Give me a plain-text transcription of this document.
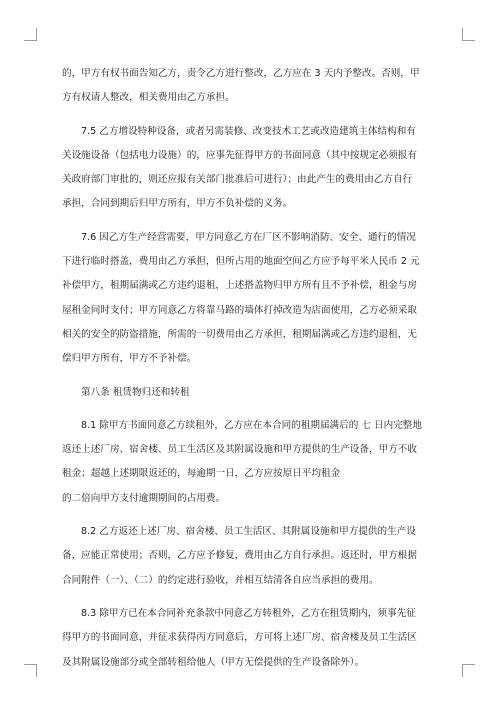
的，甲方有权书面告知乙方，责令乙方进行整改，乙方应在 3 天内予整改。否则，甲
方有权请人整改，相关费用由乙方承担。
7.5 乙方增设特种设备，或者另需装修、改变技术工艺或改造建筑主体结构和有
关设施设备（包括电力设施）的，应事先征得甲方的书面同意（其中按规定必须报有
关政府部门审批的，则还应报有关部门批准后可进行）；由此产生的费用由乙方自行
承担，合同到期后归甲方所有，甲方不负补偿的义务。
7.6 因乙方生产经营需要，甲方同意乙方在厂区不影响消防、安全、通行的情况
下进行临时搭盖，费用由乙方承担，但所占用的地面空间乙方应予每平米人民币 2 元
补偿甲方，租期届满或乙方违约退租，上述搭盖物归甲方所有且不予补偿，租金与房
屋租金同时支付；甲方同意乙方将靠马路的墙体打掉改造为店面使用，乙方必须采取
相关的安全的防盗措施，所需的一切费用由乙方承担，租期届满或乙方违约退租，无
偿归甲方所有，甲方不予补偿。
第八条 租赁物归还和转租
8.1 除甲方书面同意乙方续租外，乙方应在本合同的租期届满后的 七 日内完整地
返还上述厂房、宿舍楼、员工生活区及其附属设施和甲方提供的生产设备，甲方不收
租金；超越上述期限返还的，每逾期一日，乙方应按原日平均租金
的二倍向甲方支付逾期期间的占用费。
8.2 乙方返还上述厂房、宿舍楼、员工生活区、其附属设施和甲方提供的生产设
备，应能正常使用；否则，乙方应予修复，费用由乙方自行承担。返还时，甲方根据
合同附件（一）、（二）的约定进行验收，并相互结清各自应当承担的费用。
8.3 除甲方已在本合同补充条款中同意乙方转租外，乙方在租赁期内，须事先征
得甲方的书面同意，并征求获得丙方同意后，方可将上述厂房、宿舍楼及员工生活区
及其附属设施部分或全部转租给他人（甲方无偿提供的生产设备除外）。
